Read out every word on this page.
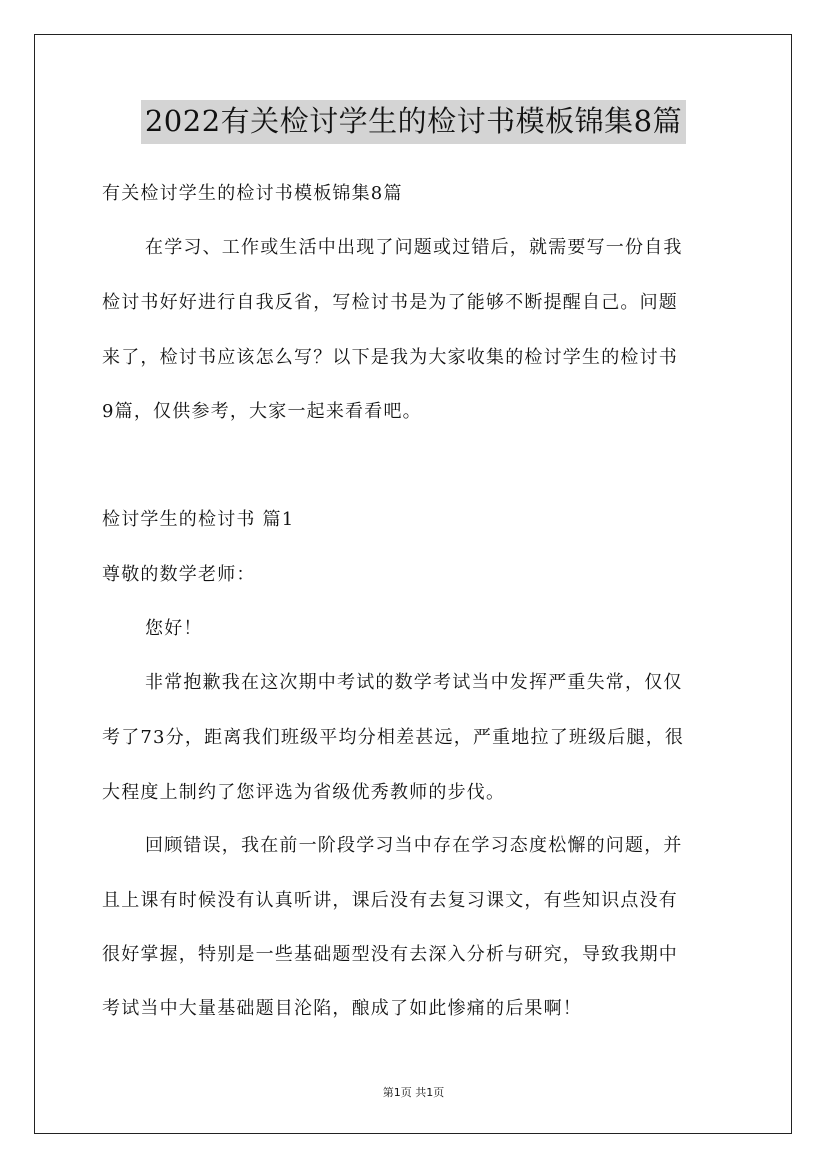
2022有关检讨学生的检讨书模板锦集8篇
有关检讨学生的检讨书模板锦集8篇
在学习、工作或生活中出现了问题或过错后，就需要写一份自我
检讨书好好进行自我反省，写检讨书是为了能够不断提醒自己。问题
来了，检讨书应该怎么写？以下是我为大家收集的检讨学生的检讨书
9篇，仅供参考，大家一起来看看吧。
检讨学生的检讨书 篇1
尊敬的数学老师：
您好！
非常抱歉我在这次期中考试的数学考试当中发挥严重失常，仅仅
考了73分，距离我们班级平均分相差甚远，严重地拉了班级后腿，很
大程度上制约了您评选为省级优秀教师的步伐。
回顾错误，我在前一阶段学习当中存在学习态度松懈的问题，并
且上课有时候没有认真听讲，课后没有去复习课文，有些知识点没有
很好掌握，特别是一些基础题型没有去深入分析与研究，导致我期中
考试当中大量基础题目沦陷，酿成了如此惨痛的后果啊！
第1页 共1页
